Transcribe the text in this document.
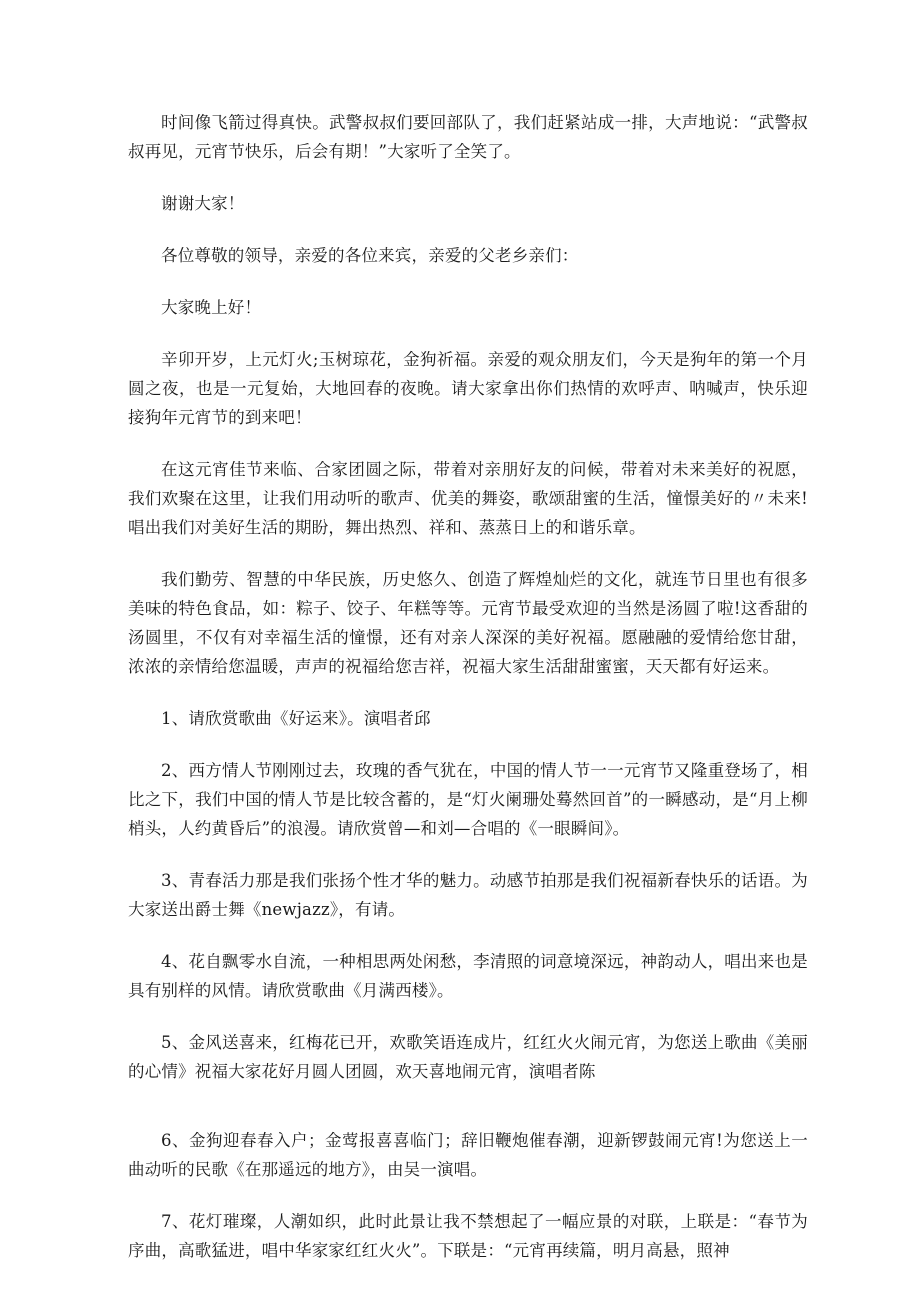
时间像飞箭过得真快。武警叔叔们要回部队了，我们赶紧站成一排，大声地说：“武警叔叔再见，元宵节快乐，后会有期！”大家听了全笑了。

谢谢大家！

各位尊敬的领导，亲爱的各位来宾，亲爱的父老乡亲们：

大家晚上好！

辛卯开岁，上元灯火;玉树琼花，金狗祈福。亲爱的观众朋友们，今天是狗年的第一个月圆之夜，也是一元复始，大地回春的夜晚。请大家拿出你们热情的欢呼声、呐喊声，快乐迎接狗年元宵节的到来吧！

在这元宵佳节来临、合家团圆之际，带着对亲朋好友的问候，带着对未来美好的祝愿，我们欢聚在这里，让我们用动听的歌声、优美的舞姿，歌颂甜蜜的生活，憧憬美好的〃未来!唱出我们对美好生活的期盼，舞出热烈、祥和、蒸蒸日上的和谐乐章。

我们勤劳、智慧的中华民族，历史悠久、创造了辉煌灿烂的文化，就连节日里也有很多美味的特色食品，如：粽子、饺子、年糕等等。元宵节最受欢迎的当然是汤圆了啦!这香甜的汤圆里，不仅有对幸福生活的憧憬，还有对亲人深深的美好祝福。愿融融的爱情给您甘甜，浓浓的亲情给您温暖，声声的祝福给您吉祥，祝福大家生活甜甜蜜蜜，天天都有好运来。

1、请欣赏歌曲《好运来》。演唱者邱

2、西方情人节刚刚过去，玫瑰的香气犹在，中国的情人节一一元宵节又隆重登场了，相比之下，我们中国的情人节是比较含蓄的，是“灯火阑珊处蓦然回首”的一瞬感动，是“月上柳梢头，人约黄昏后”的浪漫。请欣赏曾—和刘—合唱的《一眼瞬间》。

3、青春活力那是我们张扬个性才华的魅力。动感节拍那是我们祝福新春快乐的话语。为大家送出爵士舞《newjazz》，有请。

4、花自飘零水自流，一种相思两处闲愁，李清照的词意境深远，神韵动人，唱出来也是具有别样的风情。请欣赏歌曲《月满西楼》。

5、金风送喜来，红梅花已开，欢歌笑语连成片，红红火火闹元宵，为您送上歌曲《美丽的心情》祝福大家花好月圆人团圆，欢天喜地闹元宵，演唱者陈

6、金狗迎春春入户；金莺报喜喜临门；辞旧鞭炮催春潮，迎新锣鼓闹元宵!为您送上一曲动听的民歌《在那遥远的地方》，由吴一演唱。

7、花灯璀璨，人潮如织，此时此景让我不禁想起了一幅应景的对联，上联是：“春节为序曲，高歌猛进，唱中华家家红红火火”。下联是：“元宵再续篇，明月高悬，照神
